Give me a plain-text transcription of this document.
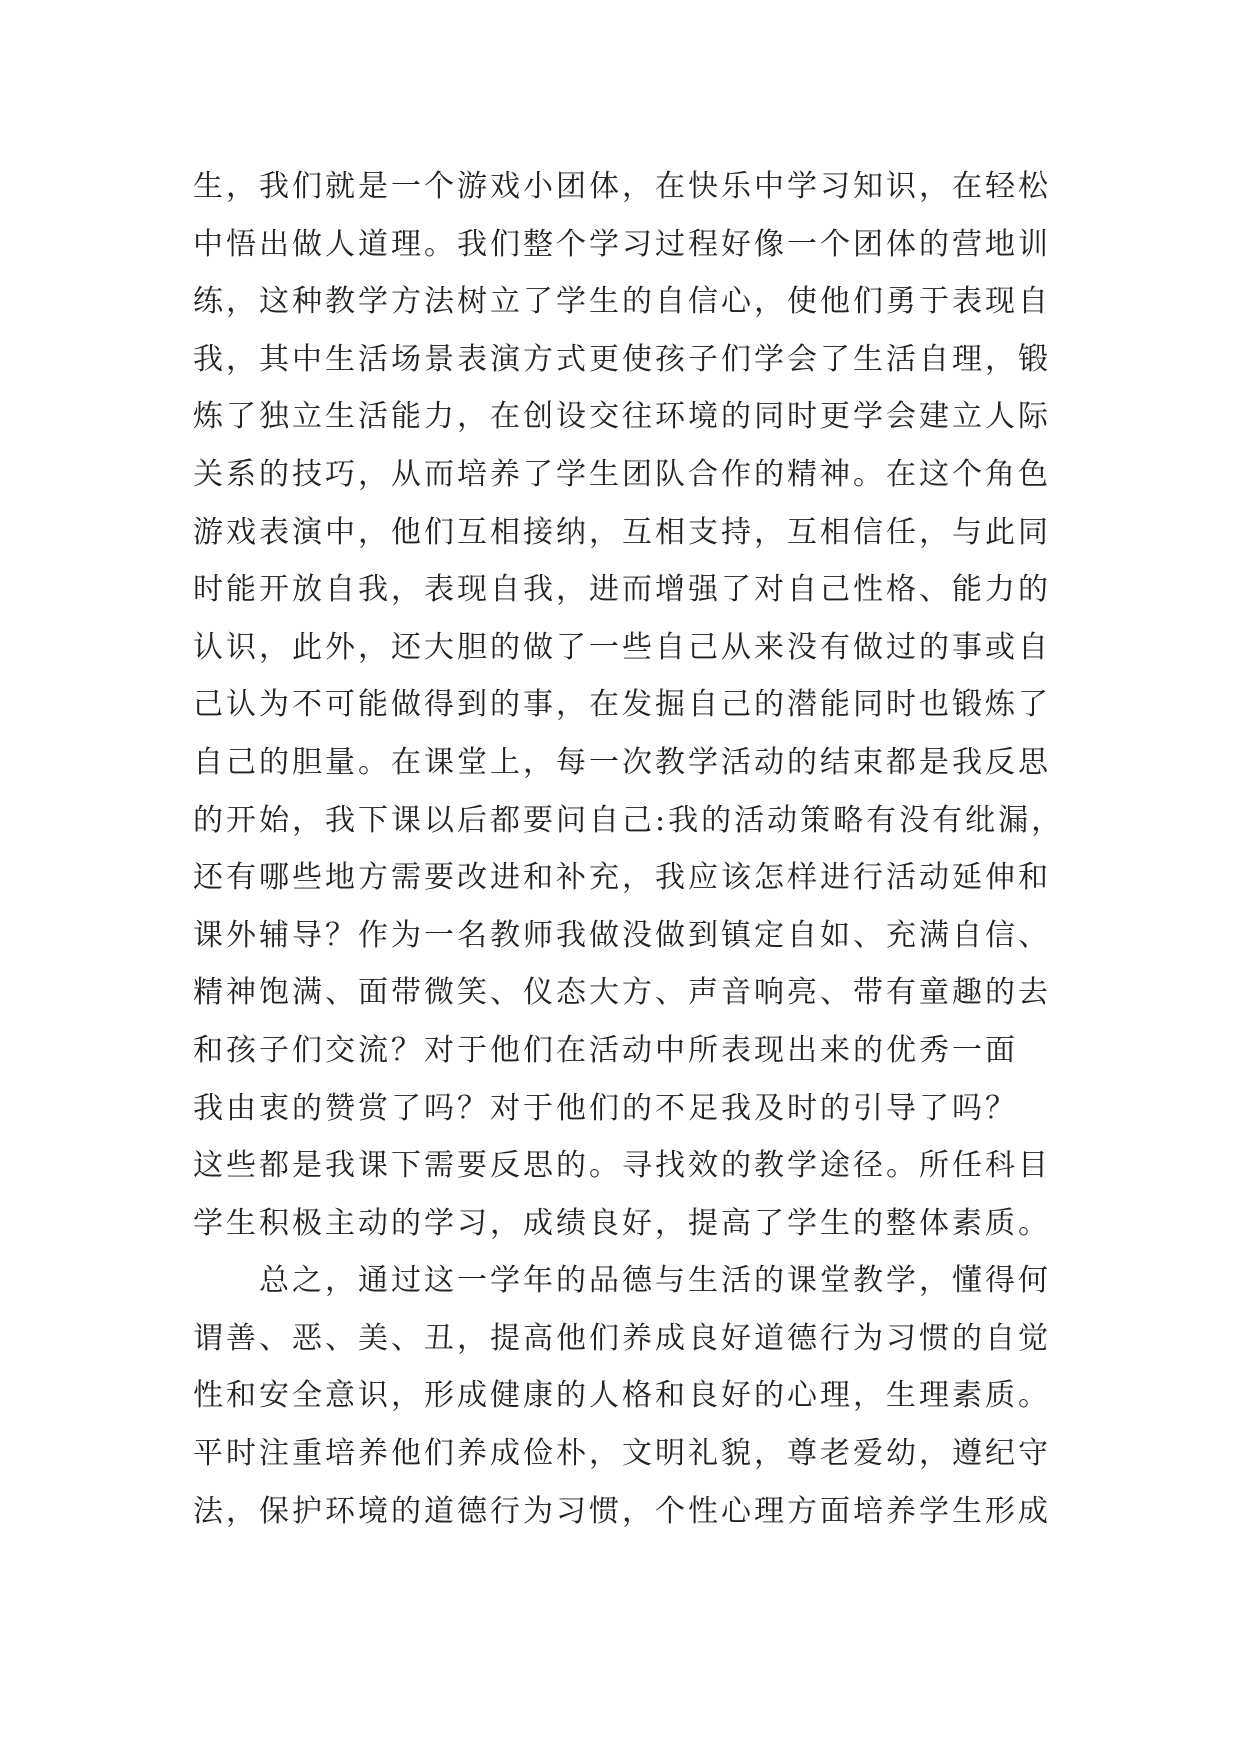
生，我们就是一个游戏小团体，在快乐中学习知识，在轻松
中悟出做人道理。我们整个学习过程好像一个团体的营地训
练，这种教学方法树立了学生的自信心，使他们勇于表现自
我，其中生活场景表演方式更使孩子们学会了生活自理，锻
炼了独立生活能力，在创设交往环境的同时更学会建立人际
关系的技巧，从而培养了学生团队合作的精神。在这个角色
游戏表演中，他们互相接纳，互相支持，互相信任，与此同
时能开放自我，表现自我，进而增强了对自己性格、能力的
认识，此外，还大胆的做了一些自己从来没有做过的事或自
己认为不可能做得到的事，在发掘自己的潜能同时也锻炼了
自己的胆量。在课堂上，每一次教学活动的结束都是我反思
的开始，我下课以后都要问自己:我的活动策略有没有纰漏，
还有哪些地方需要改进和补充，我应该怎样进行活动延伸和
课外辅导？作为一名教师我做没做到镇定自如、充满自信、
精神饱满、面带微笑、仪态大方、声音响亮、带有童趣的去
和孩子们交流？对于他们在活动中所表现出来的优秀一面
我由衷的赞赏了吗？对于他们的不足我及时的引导了吗？
这些都是我课下需要反思的。寻找效的教学途径。所任科目
学生积极主动的学习，成绩良好，提高了学生的整体素质。
总之，通过这一学年的品德与生活的课堂教学，懂得何
谓善、恶、美、丑，提高他们养成良好道德行为习惯的自觉
性和安全意识，形成健康的人格和良好的心理，生理素质。
平时注重培养他们养成俭朴，文明礼貌，尊老爱幼，遵纪守
法，保护环境的道德行为习惯，个性心理方面培养学生形成
